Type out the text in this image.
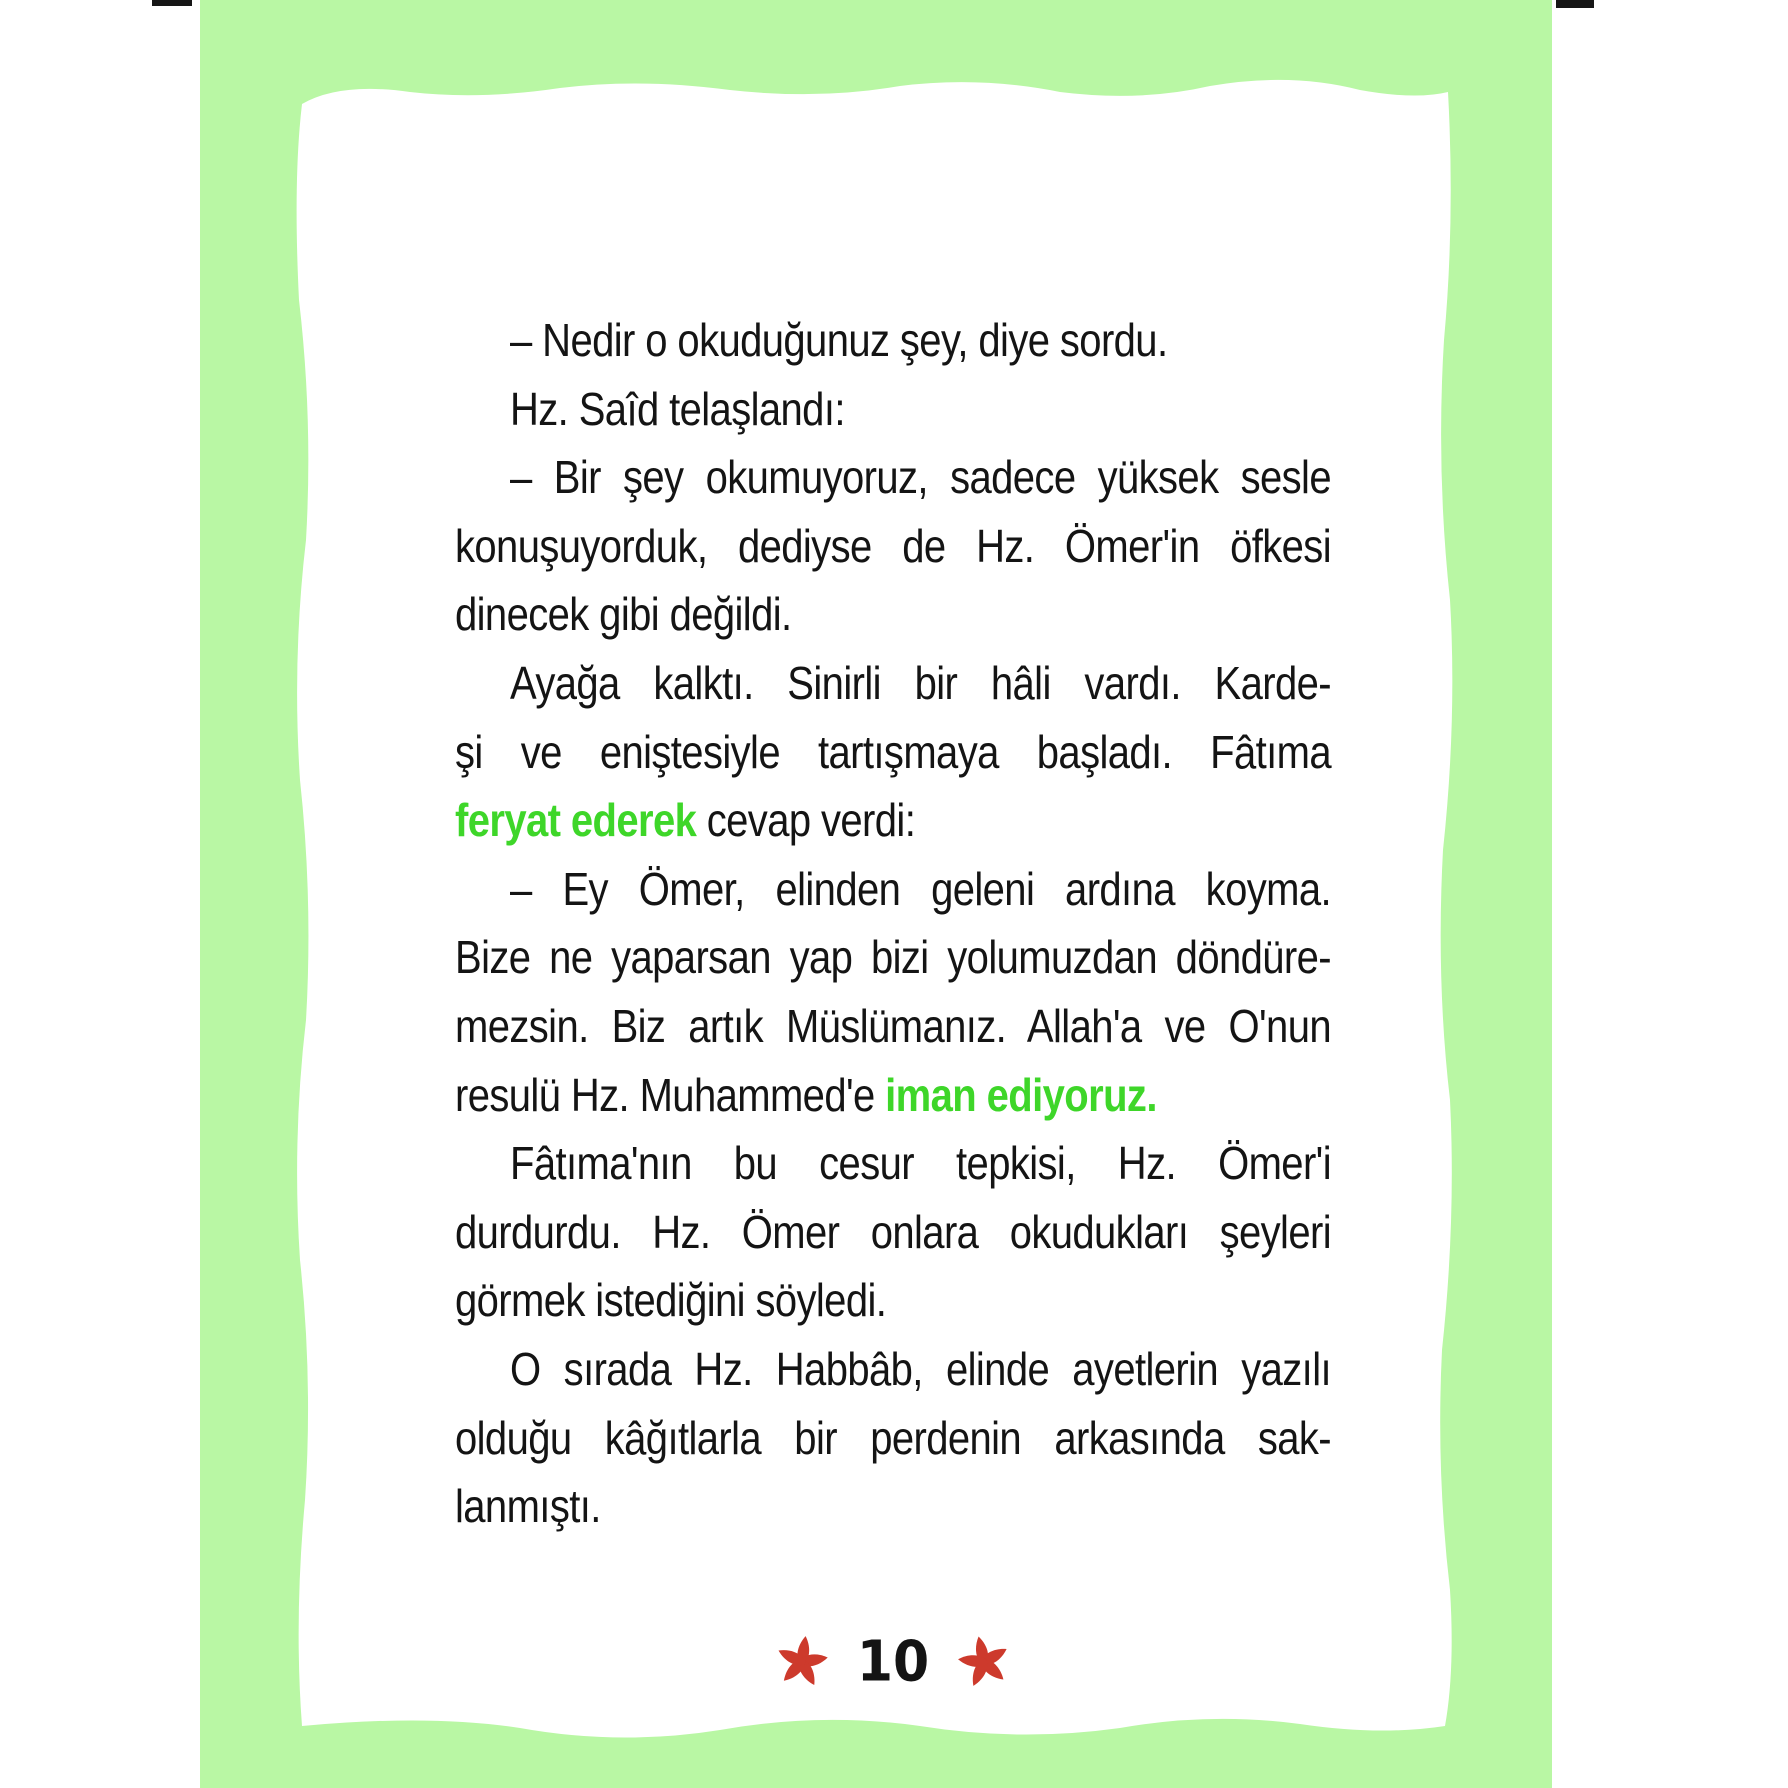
– Nedir o okuduğunuz şey, diye sordu.
Hz. Saîd telaşlandı:
– Bir şey okumuyoruz, sadece yüksek sesle
konuşuyorduk, dediyse de Hz. Ömer'in öfkesi
dinecek gibi değildi.
Ayağa kalktı. Sinirli bir hâli vardı. Karde-
şi ve eniştesiyle tartışmaya başladı. Fâtıma
feryat ederek cevap verdi:
– Ey Ömer, elinden geleni ardına koyma.
Bize ne yaparsan yap bizi yolumuzdan döndüre-
mezsin. Biz artık Müslümanız. Allah'a ve O'nun
resulü Hz. Muhammed'e iman ediyoruz.
Fâtıma'nın bu cesur tepkisi, Hz. Ömer'i
durdurdu. Hz. Ömer onlara okudukları şeyleri
görmek istediğini söyledi.
O sırada Hz. Habbâb, elinde ayetlerin yazılı
olduğu kâğıtlarla bir perdenin arkasında sak-
lanmıştı.
10
